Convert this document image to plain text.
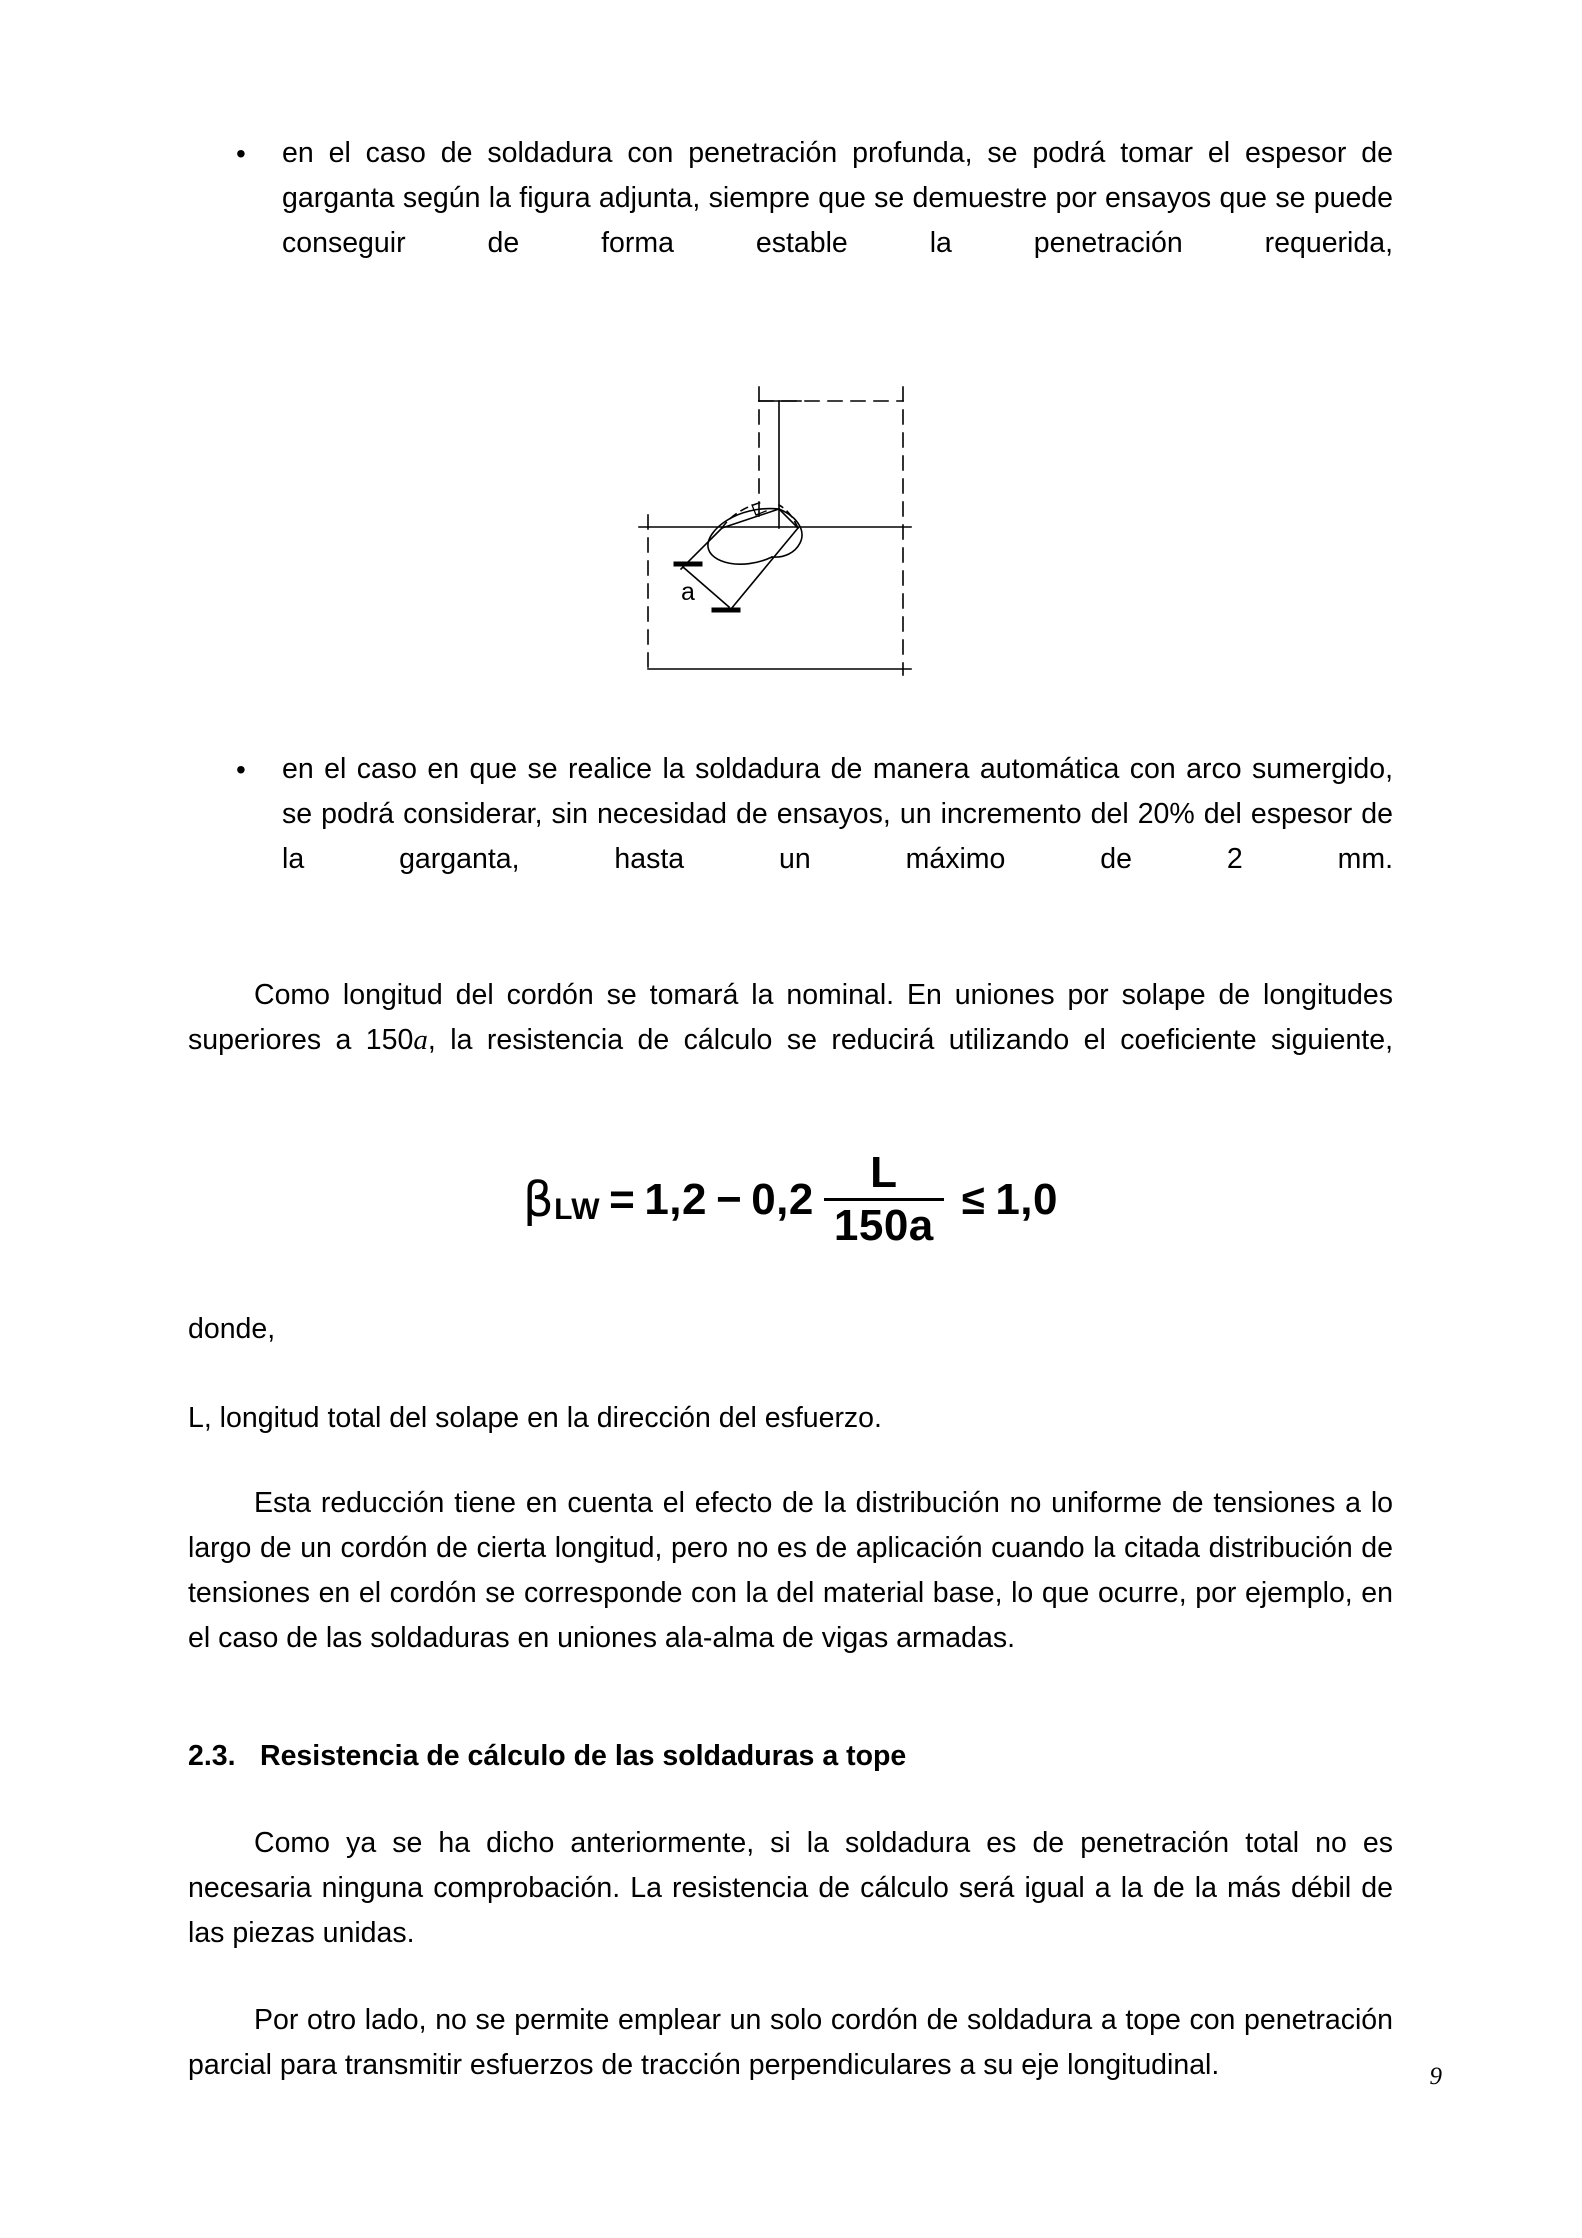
• en el caso de soldadura con penetración profunda, se podrá tomar el espesor de garganta según la figura adjunta, siempre que se demuestre por ensayos que se puede conseguir de forma estable la penetración requerida,
a
• en el caso en que se realice la soldadura de manera automática con arco sumergido, se podrá considerar, sin necesidad de ensayos, un incremento del 20% del espesor de la garganta, hasta un máximo de 2 mm.

Como longitud del cordón se tomará la nominal. En uniones por solape de longitudes superiores a 150a, la resistencia de cálculo se reducirá utilizando el coeficiente siguiente,

β LW = $1,2 - 0,2 \frac{L}{150a} \le 1,0$

donde,

L, longitud total del solape en la dirección del esfuerzo.

Esta reducción tiene en cuenta el efecto de la distribución no uniforme de tensiones a lo largo de un cordón de cierta longitud, pero no es de aplicación cuando la citada distribución de tensiones en el cordón se corresponde con la del material base, lo que ocurre, por ejemplo, en el caso de las soldaduras en uniones ala-alma de vigas armadas.

2.3. Resistencia de cálculo de las soldaduras a tope

Como ya se ha dicho anteriormente, si la soldadura es de penetración total no es necesaria ninguna comprobación. La resistencia de cálculo será igual a la de la más débil de las piezas unidas.

Por otro lado, no se permite emplear un solo cordón de soldadura a tope con penetración parcial para transmitir esfuerzos de tracción perpendiculares a su eje longitudinal.	9
